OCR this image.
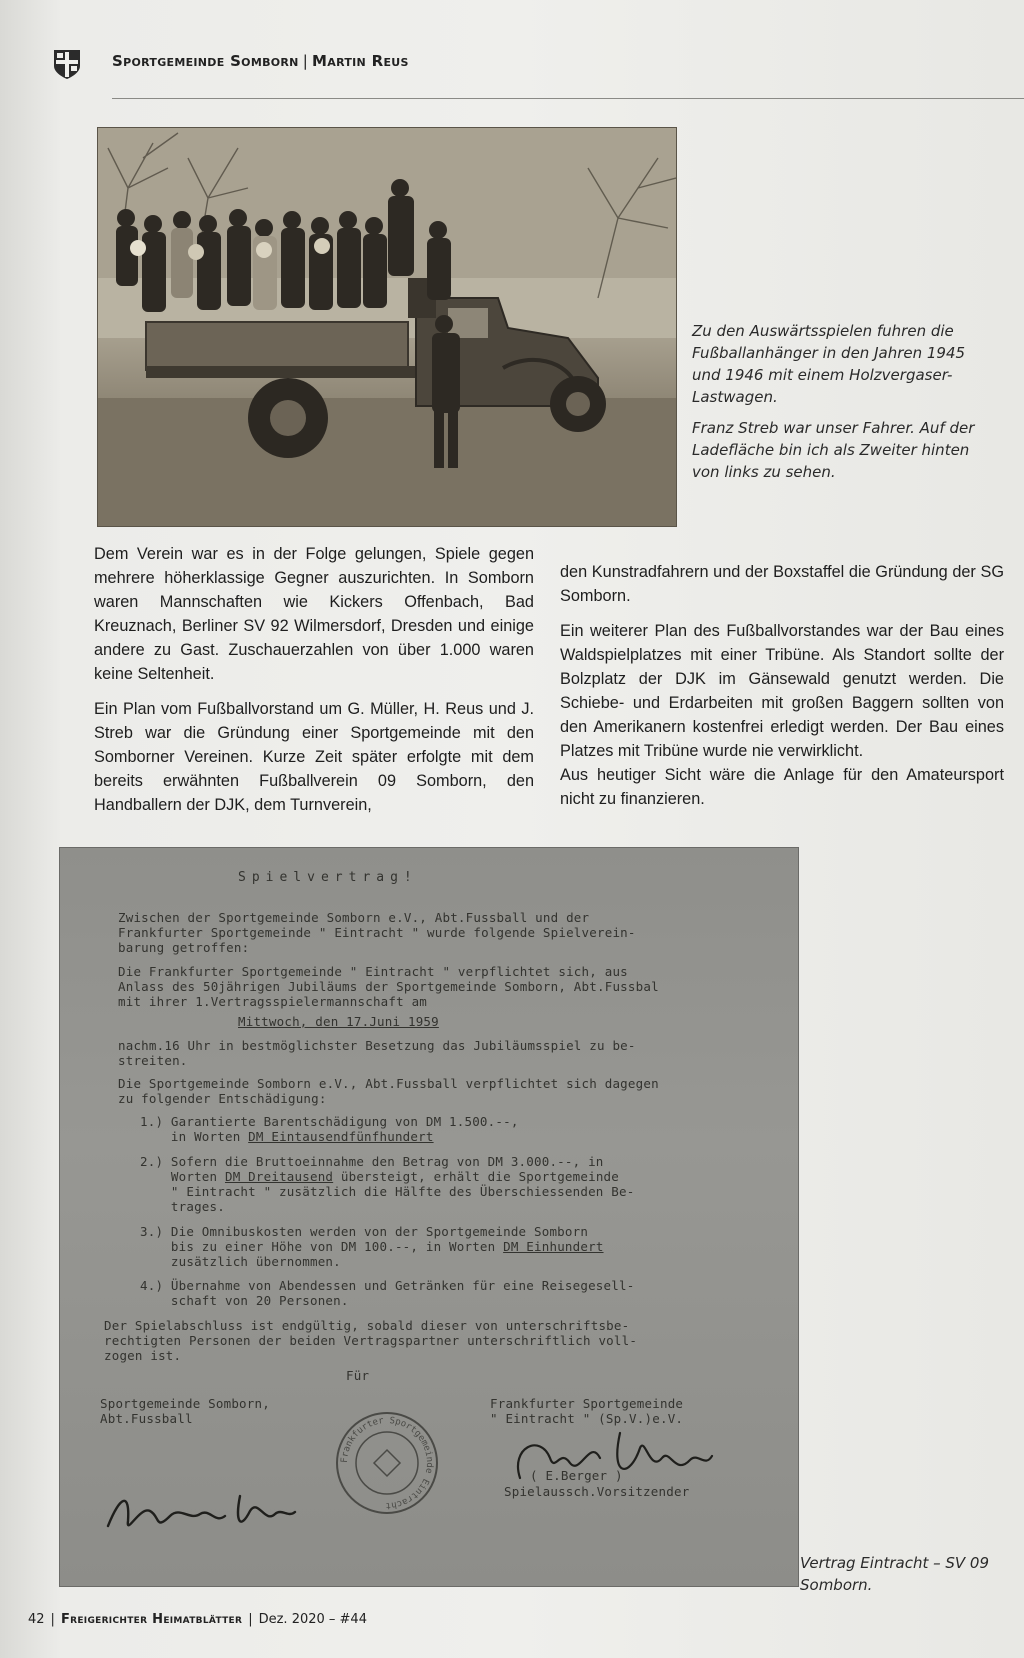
Sportgemeinde Somborn | Martin Reus

Zu den Auswärtsspielen fuhren die Fußballanhänger in den Jahren 1945 und 1946 mit einem Holzvergaser-Lastwagen.

Franz Streb war unser Fahrer. Auf der Ladefläche bin ich als Zweiter hinten von links zu sehen.

Dem Verein war es in der Folge gelungen, Spiele gegen mehrere höherklassige Gegner auszurichten. In Somborn waren Mannschaften wie Kickers Offenbach, Bad Kreuznach, Berliner SV 92 Wilmersdorf, Dresden und einige andere zu Gast. Zuschauerzahlen von über 1.000 waren keine Seltenheit.

Ein Plan vom Fußballvorstand um G. Müller, H. Reus und J. Streb war die Gründung einer Sportgemeinde mit den Somborner Vereinen. Kurze Zeit später erfolgte mit dem bereits erwähnten Fußballverein 09 Somborn, den Handballern der DJK, dem Turnverein,

den Kunstradfahrern und der Boxstaffel die Gründung der SG Somborn.

Ein weiterer Plan des Fußballvorstandes war der Bau eines Waldspielplatzes mit einer Tribüne. Als Standort sollte der Bolzplatz der DJK im Gänsewald genutzt werden. Die Schiebe- und Erdarbeiten mit großen Baggern sollten von den Amerikanern kostenfrei erledigt werden. Der Bau eines Platzes mit Tribüne wurde nie verwirklicht.

Aus heutiger Sicht wäre die Anlage für den Amateursport nicht zu finanzieren.

Spielvertrag!
Zwischen der Sportgemeinde Somborn e.V., Abt.Fussball und der
Frankfurter Sportgemeinde " Eintracht " wurde folgende Spielverein-
barung getroffen:
Die Frankfurter Sportgemeinde " Eintracht " verpflichtet sich, aus
Anlass des 50jährigen Jubiläums der Sportgemeinde Somborn, Abt.Fussbal
mit ihrer 1.Vertragsspielermannschaft am
Mittwoch, den 17.Juni 1959
nachm.16 Uhr in bestmöglichster Besetzung das Jubiläumsspiel zu be-
streiten.
Die Sportgemeinde Somborn e.V., Abt.Fussball verpflichtet sich dagegen
zu folgender Entschädigung:
1.) Garantierte Barentschädigung von DM 1.500.--,
in Worten DM Eintausendfünfhundert
2.) Sofern die Bruttoeinnahme den Betrag von DM 3.000.--, in
Worten DM Dreitausend übersteigt, erhält die Sportgemeinde
" Eintracht " zusätzlich die Hälfte des Überschiessenden Be-
trages.
3.) Die Omnibuskosten werden von der Sportgemeinde Somborn
bis zu einer Höhe von DM 100.--, in Worten DM Einhundert
zusätzlich übernommen.
4.) Übernahme von Abendessen und Getränken für eine Reisegesell-
schaft von 20 Personen.
Der Spielabschluss ist endgültig, sobald dieser von unterschriftsbe-
rechtigten Personen der beiden Vertragspartner unterschriftlich voll-
zogen ist.
Für
Sportgemeinde Somborn,
Abt.Fussball
Frankfurter Sportgemeinde
" Eintracht " (Sp.V.)e.V.
( E.Berger )
Spielaussch.Vorsitzender
Frankfurter Sportgemeinde Eintracht
Vertrag Eintracht – SV 09 Somborn.
42 | Freigerichter Heimatblätter | Dez. 2020 – #44
